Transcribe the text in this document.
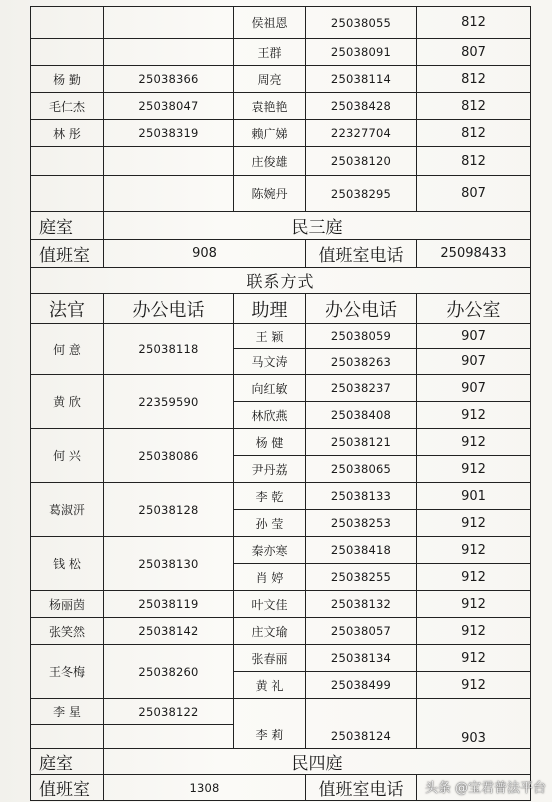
		侯祖恩	25038055	812
		王群	25038091	807
杨 勤	25038366	周亮	25038114	812
毛仁杰	25038047	袁艳艳	25038428	812
林 彤	25038319	赖广娣	22327704	812
		庄俊雄	25038120	812
		陈婉丹	25038295	807
庭室	民三庭			
值班室	908		值班室电话	25098433
联系方式				
法官	办公电话	助理	办公电话	办公室
何 意	25038118	王 颖	25038059	907
		马文涛	25038263	907
黄 欣	22359590	向红敏	25038237	907
		林欣燕	25038408	912
何 兴	25038086	杨 健	25038121	912
		尹丹荔	25038065	912
葛淑汧	25038128	李 乾	25038133	901
		孙 莹	25038253	912
钱 松	25038130	秦亦寒	25038418	912
		肖 婷	25038255	912
杨丽茵	25038119	叶文佳	25038132	912
张笑然	25038142	庄文瑜	25038057	912
王冬梅	25038260	张春丽	25038134	912
		黄 礼	25038499	912
李 星	25038122	李 莉	25038124	903

庭室	民四庭			
值班室	1308		值班室电话	头条 @宝君普法平台
